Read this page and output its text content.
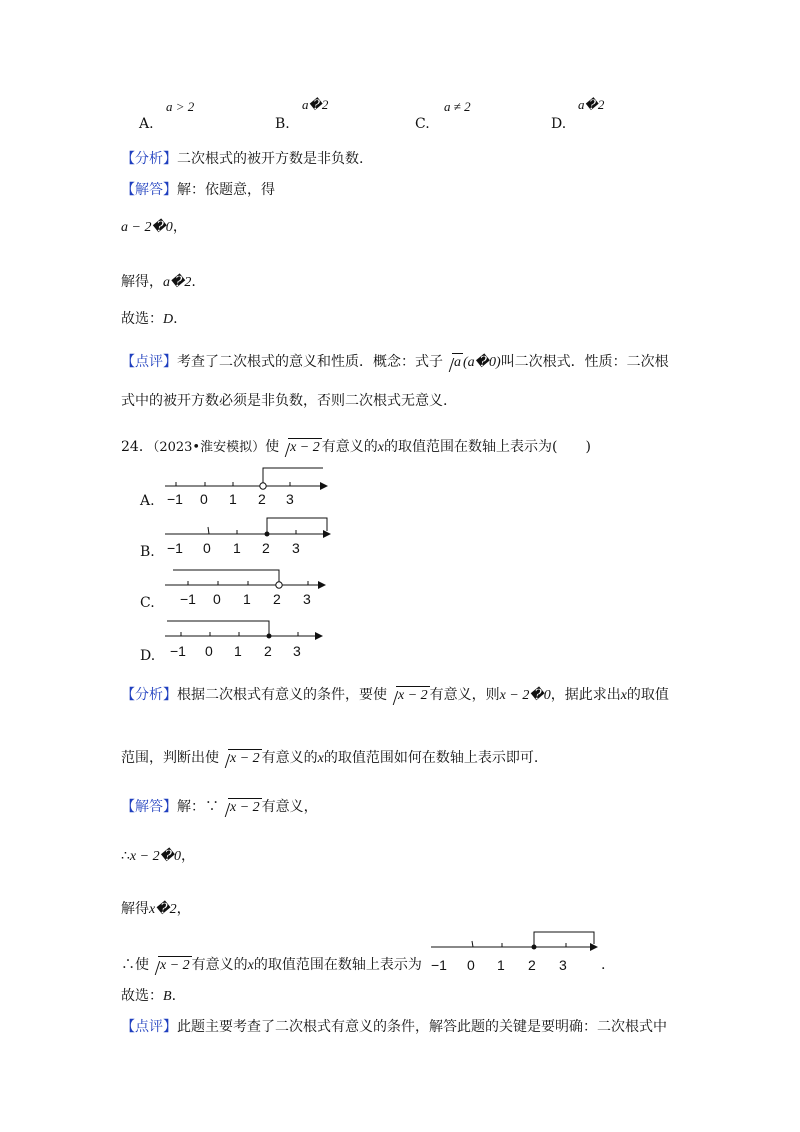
A.
a > 2
B.
a�2
C.
a ≠ 2
D.
a�2
【分析】二次根式的被开方数是非负数.
【解答】解：依题意，得
a − 2�0，
解得，a�2.
故选：D.
【点评】考查了二次根式的意义和性质．概念：式子 a (a�0)叫二次根式．性质：二次根
式中的被开方数必须是非负数，否则二次根式无意义.
24．（2023•淮安模拟）使 x − 2 有意义的x的取值范围在数轴上表示为(　　)
A.
B.
C.
D.
−1 0 1 2 3
−1 0 1 2 3
−1 0 1 2 3
−1 0 1 2 3
【分析】根据二次根式有意义的条件，要使 x − 2 有意义，则x − 2�0，据此求出x的取值
范围，判断出使 x − 2 有意义的x的取值范围如何在数轴上表示即可.
【解答】解：∵ x − 2 有意义，
∴x − 2�0，
解得x�2，
∴使 x − 2 有意义的x的取值范围在数轴上表示为	.
−1 0 1 2 3
故选：B.
【点评】此题主要考查了二次根式有意义的条件，解答此题的关键是要明确：二次根式中
